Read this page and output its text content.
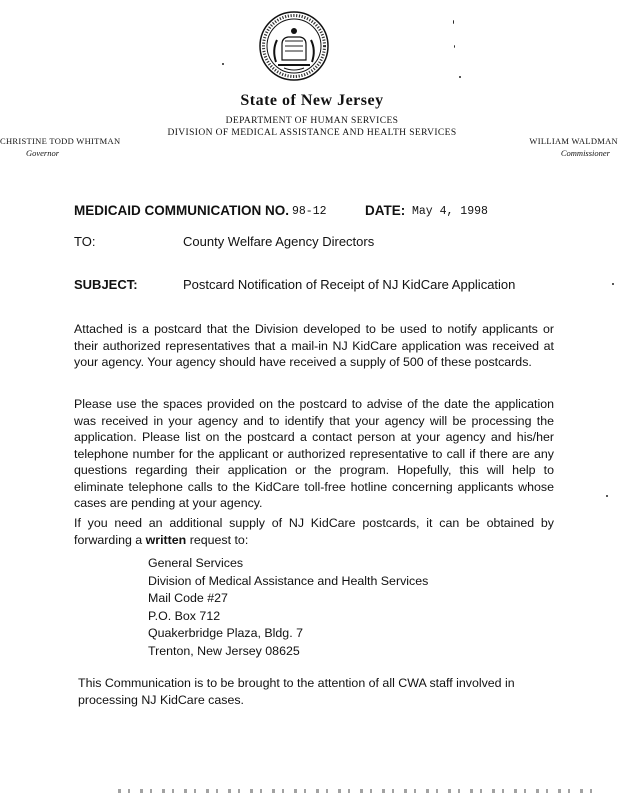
State of New Jersey
DEPARTMENT OF HUMAN SERVICES
DIVISION OF MEDICAL ASSISTANCE AND HEALTH SERVICES
CHRISTINE TODD WHITMAN
Governor
WILLIAM WALDMAN
Commissioner
MEDICAID COMMUNICATION NO. 98-12	DATE: May 4, 1998
TO:	County Welfare Agency Directors
SUBJECT:	Postcard Notification of Receipt of NJ KidCare Application

Attached is a postcard that the Division developed to be used to notify applicants or their authorized representatives that a mail-in NJ KidCare application was received at your agency. Your agency should have received a supply of 500 of these postcards.

Please use the spaces provided on the postcard to advise of the date the application was received in your agency and to identify that your agency will be processing the application. Please list on the postcard a contact person at your agency and his/her telephone number for the applicant or authorized representative to call if there are any questions regarding their application or the program. Hopefully, this will help to eliminate telephone calls to the KidCare toll-free hotline concerning applicants whose cases are pending at your agency.

If you need an additional supply of NJ KidCare postcards, it can be obtained by forwarding a written request to:

General Services
Division of Medical Assistance and Health Services
Mail Code #27
P.O. Box 712
Quakerbridge Plaza, Bldg. 7
Trenton, New Jersey 08625
This Communication is to be brought to the attention of all CWA staff involved in processing NJ KidCare cases.
